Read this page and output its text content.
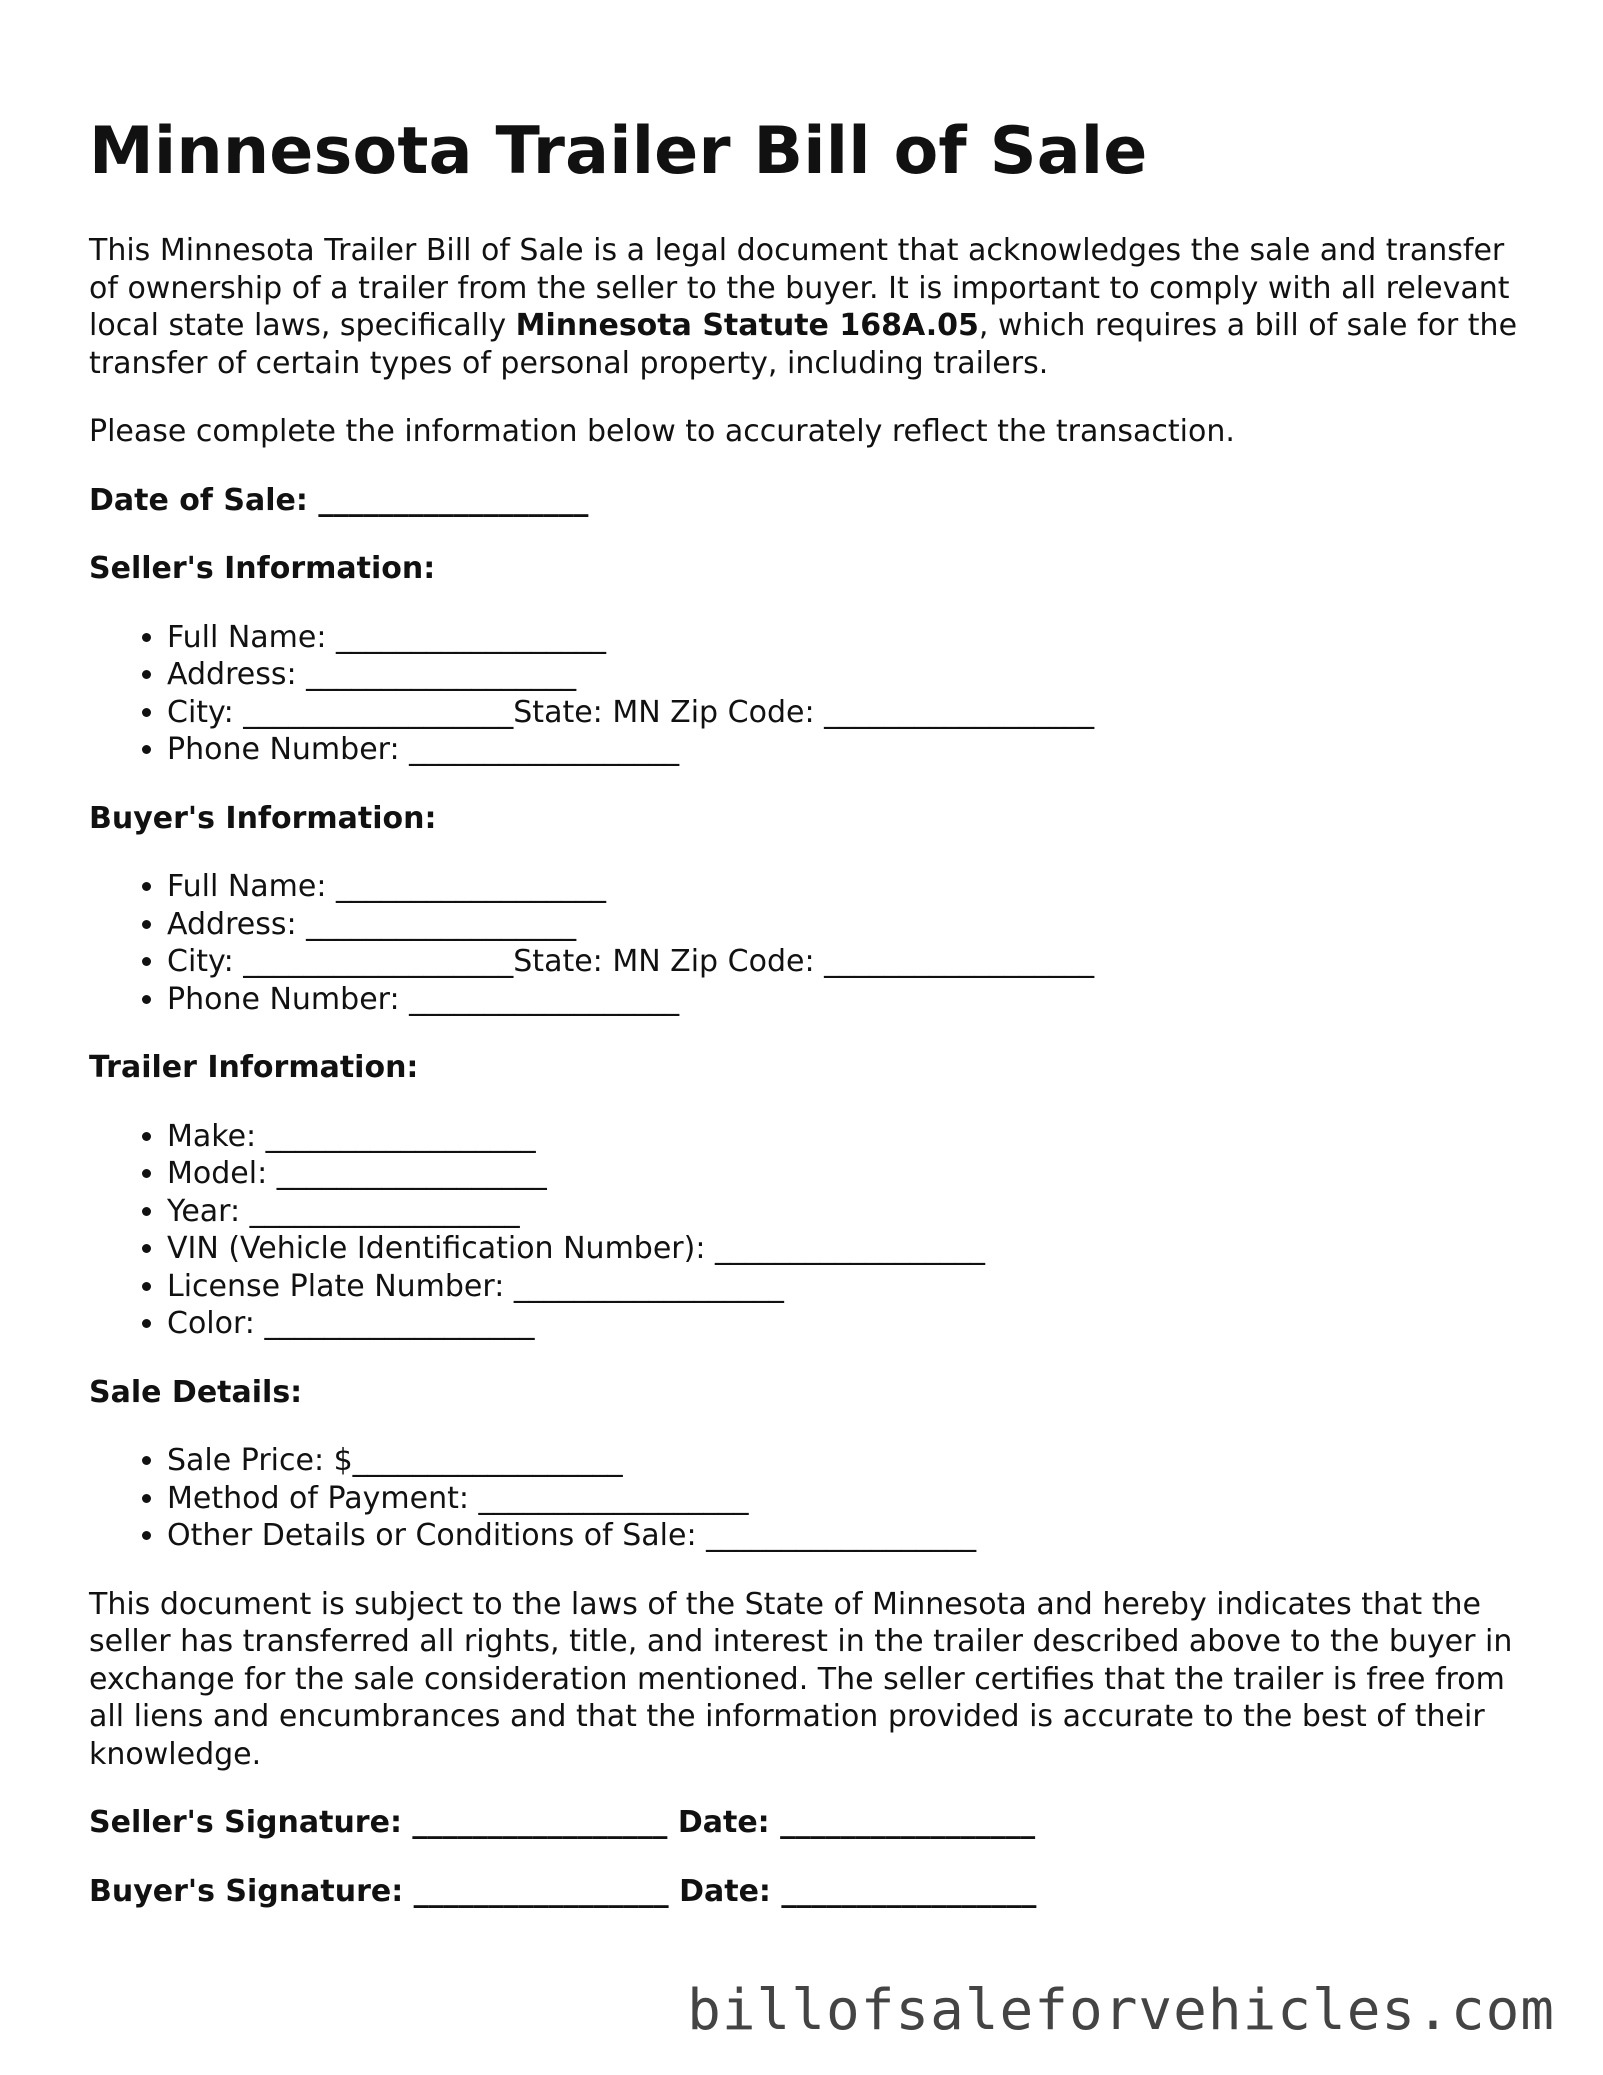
Minnesota Trailer Bill of Sale

This Minnesota Trailer Bill of Sale is a legal document that acknowledges the sale and transfer of ownership of a trailer from the seller to the buyer. It is important to comply with all relevant local state laws, specifically Minnesota Statute 168A.05, which requires a bill of sale for the transfer of certain types of personal property, including trailers.

Please complete the information below to accurately reflect the transaction.

Date of Sale: __________________

Seller's Information:
• Full Name: __________________
• Address: __________________
• City: __________________State: MN Zip Code: __________________
• Phone Number: __________________
Buyer's Information:
• Full Name: __________________
• Address: __________________
• City: __________________State: MN Zip Code: __________________
• Phone Number: __________________
Trailer Information:
• Make: __________________
• Model: __________________
• Year: __________________
• VIN (Vehicle Identification Number): __________________
• License Plate Number: __________________
• Color: __________________
Sale Details:
• Sale Price: $__________________
• Method of Payment: __________________
• Other Details or Conditions of Sale: __________________

This document is subject to the laws of the State of Minnesota and hereby indicates that the seller has transferred all rights, title, and interest in the trailer described above to the buyer in exchange for the sale consideration mentioned. The seller certifies that the trailer is free from all liens and encumbrances and that the information provided is accurate to the best of their knowledge.

Seller's Signature: _________________ Date: _________________

Buyer's Signature: _________________ Date: _________________

billofsaleforvehicles.com
